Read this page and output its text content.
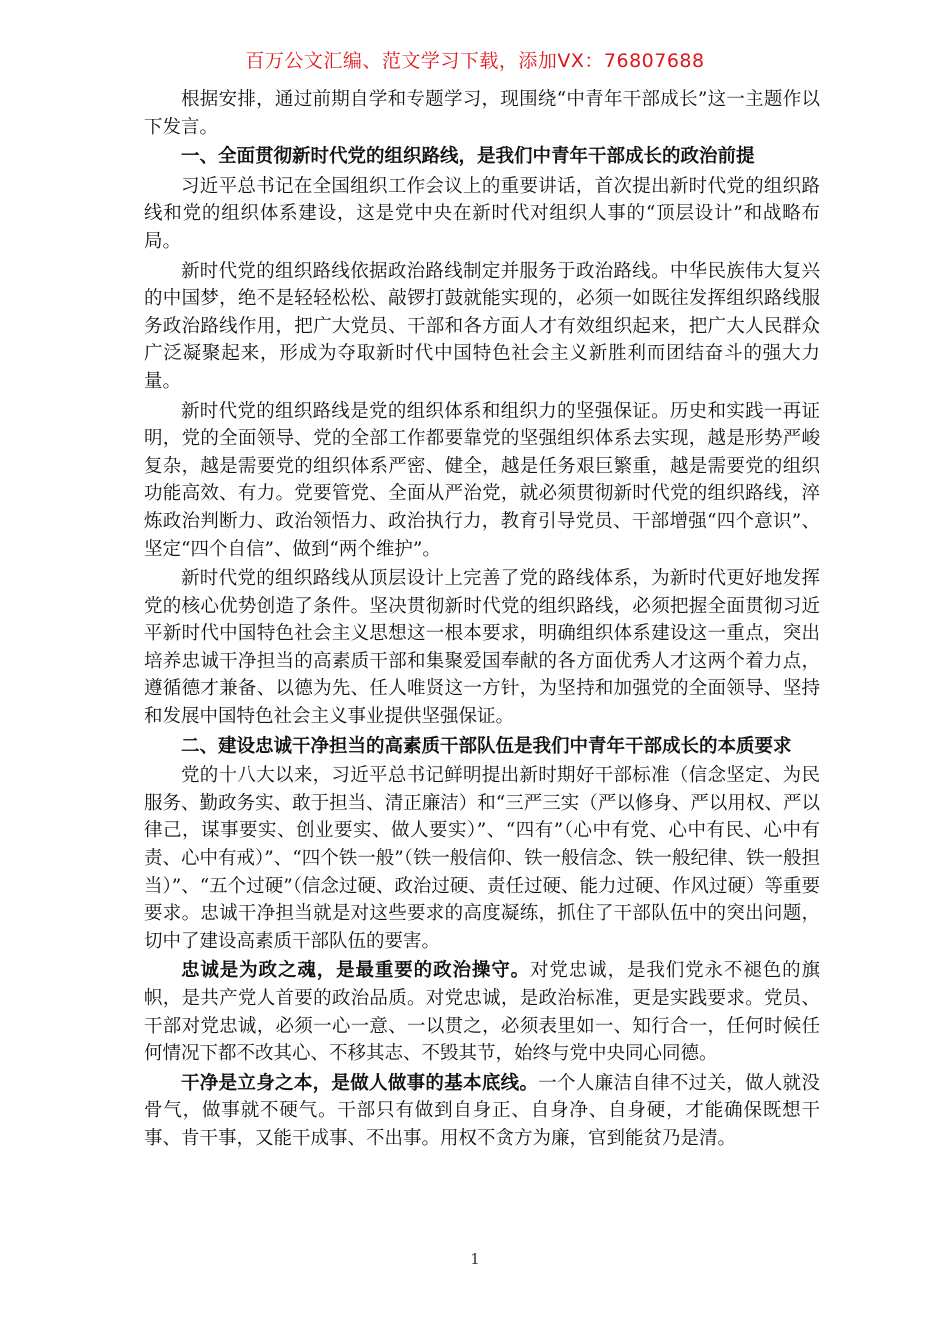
百万公文汇编、范文学习下载，添加VX：76807688

根据安排，通过前期自学和专题学习，现围绕“中青年干部成长”这一主题作以下发言。

一、全面贯彻新时代党的组织路线，是我们中青年干部成长的政治前提

习近平总书记在全国组织工作会议上的重要讲话，首次提出新时代党的组织路线和党的组织体系建设，这是党中央在新时代对组织人事的“顶层设计”和战略布局。

新时代党的组织路线依据政治路线制定并服务于政治路线。中华民族伟大复兴的中国梦，绝不是轻轻松松、敲锣打鼓就能实现的，必须一如既往发挥组织路线服务政治路线作用，把广大党员、干部和各方面人才有效组织起来，把广大人民群众广泛凝聚起来，形成为夺取新时代中国特色社会主义新胜利而团结奋斗的强大力量。

新时代党的组织路线是党的组织体系和组织力的坚强保证。历史和实践一再证明，党的全面领导、党的全部工作都要靠党的坚强组织体系去实现，越是形势严峻复杂，越是需要党的组织体系严密、健全，越是任务艰巨繁重，越是需要党的组织功能高效、有力。党要管党、全面从严治党，就必须贯彻新时代党的组织路线，淬炼政治判断力、政治领悟力、政治执行力，教育引导党员、干部增强“四个意识”、坚定“四个自信”、做到“两个维护”。

新时代党的组织路线从顶层设计上完善了党的路线体系，为新时代更好地发挥党的核心优势创造了条件。坚决贯彻新时代党的组织路线，必须把握全面贯彻习近平新时代中国特色社会主义思想这一根本要求，明确组织体系建设这一重点，突出培养忠诚干净担当的高素质干部和集聚爱国奉献的各方面优秀人才这两个着力点，遵循德才兼备、以德为先、任人唯贤这一方针，为坚持和加强党的全面领导、坚持和发展中国特色社会主义事业提供坚强保证。

二、建设忠诚干净担当的高素质干部队伍是我们中青年干部成长的本质要求

党的十八大以来，习近平总书记鲜明提出新时期好干部标准（信念坚定、为民服务、勤政务实、敢于担当、清正廉洁）和“三严三实（严以修身、严以用权、严以律己，谋事要实、创业要实、做人要实）”、“四有”（心中有党、心中有民、心中有责、心中有戒）”、“四个铁一般”（铁一般信仰、铁一般信念、铁一般纪律、铁一般担当）”、“五个过硬”（信念过硬、政治过硬、责任过硬、能力过硬、作风过硬）等重要要求。忠诚干净担当就是对这些要求的高度凝练，抓住了干部队伍中的突出问题，切中了建设高素质干部队伍的要害。

忠诚是为政之魂，是最重要的政治操守。对党忠诚，是我们党永不褪色的旗帜，是共产党人首要的政治品质。对党忠诚，是政治标准，更是实践要求。党员、干部对党忠诚，必须一心一意、一以贯之，必须表里如一、知行合一，任何时候任何情况下都不改其心、不移其志、不毁其节，始终与党中央同心同德。

干净是立身之本，是做人做事的基本底线。一个人廉洁自律不过关，做人就没骨气，做事就不硬气。干部只有做到自身正、自身净、自身硬，才能确保既想干事、肯干事，又能干成事、不出事。用权不贪方为廉，官到能贫乃是清。

1
